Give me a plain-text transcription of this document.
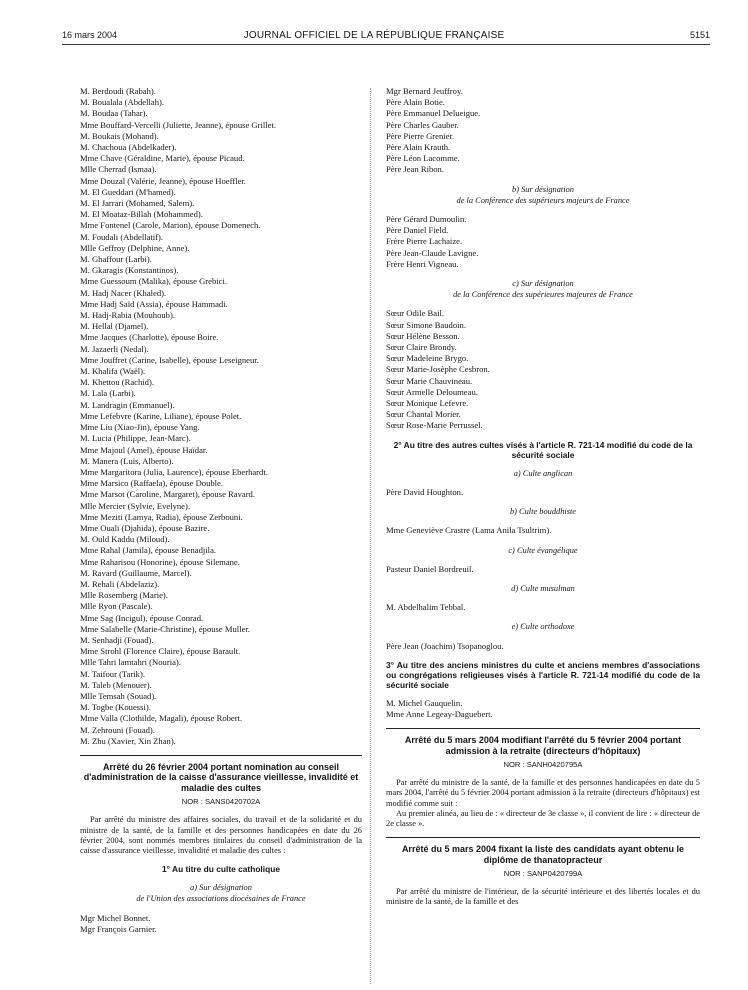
16 mars 2004	JOURNAL OFFICIEL DE LA RÉPUBLIQUE FRANÇAISE	5151
M. Berdoudi (Rabah).
M. Boualala (Abdellah).
M. Boudaa (Tahar).
Mme Bouffard-Vercelli (Juliette, Jeanne), épouse Grillet.
M. Boukais (Mohand).
M. Chachoua (Abdelkader).
Mme Chave (Géraldine, Marie), épouse Picaud.
Mlle Cherrad (Ismaa).
Mme Douzal (Valérie, Jeanne), épouse Hoeffler.
M. El Gueddari (M'hamed).
M. El Jarrari (Mohamed, Salem).
M. El Moataz-Billah (Mohammed).
Mme Fontenel (Carole, Marion), épouse Domenech.
M. Foudali (Abdellatif).
Mlle Geffroy (Delphine, Anne).
M. Ghaffour (Larbi).
M. Gkaragis (Konstantinos).
Mme Guessoum (Malika), épouse Grebici.
M. Hadj Nacer (Khaled).
Mme Hadj Saïd (Assia), épouse Hammadi.
M. Hadj-Rabia (Mouhoub).
M. Hellal (Djamel).
Mme Jacques (Charlotte), épouse Boire.
M. Jazaerli (Nedal).
Mme Jouffret (Carine, Isabelle), épouse Leseigneur.
M. Khalifa (Waël).
M. Khettou (Rachid).
M. Lala (Larbi).
M. Landragin (Emmanuel).
Mme Lefebvre (Karine, Liliane), épouse Polet.
Mme Liu (Xiao-Jin), épouse Yang.
M. Lucia (Philippe, Jean-Marc).
Mme Majoul (Amel), épouse Haïdar.
M. Manera (Luis, Alberto).
Mme Margaritora (Julia, Laurence), épouse Eberhardt.
Mme Marsico (Raffaela), épouse Double.
Mme Marsot (Caroline, Margaret), épouse Ravard.
Mlle Mercier (Sylvie, Evelyne).
Mme Meziti (Lamya, Radia), épouse Zerbouni.
Mme Ouali (Djahida), épouse Bazire.
M. Ould Kaddu (Miloud).
Mme Rahal (Jamila), épouse Benadjila.
Mme Raharisou (Honorine), épouse Silemane.
M. Ravard (Guillaume, Marcel).
M. Rehali (Abdelaziz).
Mlle Rosemberg (Marie).
Mlle Ryon (Pascale).
Mme Sag (Incigul), épouse Conrad.
Mme Salabelle (Marie-Christine), épouse Muller.
M. Senhadji (Fouad).
Mme Strohl (Florence Claire), épouse Barault.
Mlle Tahri lamtahri (Nouria).
M. Taifour (Tarik).
M. Taleb (Menouer).
Mlle Temsah (Souad).
M. Togbe (Kouessi).
Mme Valla (Clothilde, Magali), épouse Robert.
M. Zehrouni (Fouad).
M. Zhu (Xavier, Xin Zhan).
Arrêté du 26 février 2004 portant nomination au conseil d'administration de la caisse d'assurance vieillesse, invalidité et maladie des cultes
NOR : SANS0420702A

Par arrêté du ministre des affaires sociales, du travail et de la solidarité et du ministre de la santé, de la famille et des personnes handicapées en date du 26 février 2004, sont nommés membres titulaires du conseil d'administration de la caisse d'assurance vieillesse, invalidité et maladie des cultes :

1° Au titre du culte catholique

a) Sur désignation

de l'Union des associations diocésaines de France

Mgr Michel Bonnet.
Mgr François Garnier.
Mgr Bernard Jeuffroy.
Père Alain Botie.
Père Emmanuel Delueigue.
Père Charles Gauber.
Père Pierre Grenier.
Père Alain Krauth.
Père Léon Lacomme.
Père Jean Ribon.

b) Sur désignation

de la Conférence des supérieurs majeurs de France

Père Gérard Dumoulin.
Père Daniel Field.
Frère Pierre Lachaize.
Père Jean-Claude Lavigne.
Frère Henri Vigneau.

c) Sur désignation

de la Conférence des supérieures majeures de France

Sœur Odile Bail.
Sœur Simone Baudoin.
Sœur Hélène Besson.
Sœur Claire Brondy.
Sœur Madeleine Brygo.
Sœur Marie-Josèphe Cesbron.
Sœur Marie Chauvineau.
Sœur Armelle Deloumeau.
Sœur Monique Lefevre.
Sœur Chantal Morier.
Sœur Rose-Marie Perrussel.
2° Au titre des autres cultes visés à l'article R. 721-14 modifié du code de la sécurité sociale

a) Culte anglican

Père David Houghton.

b) Culte bouddhiste

Mme Geneviève Crastre (Lama Anila Tsultrim).

c) Culte évangélique

Pasteur Daniel Bordreuil.

d) Culte musulman

M. Abdelhalim Tebbal.

e) Culte orthodoxe

Père Jean (Joachim) Tsopanoglou.
3° Au titre des anciens ministres du culte et anciens membres d'associations ou congrégations religieuses visés à l'article R. 721-14 modifié du code de la sécurité sociale
M. Michel Gauquelin.
Mme Anne Legeay-Daguebert.
Arrêté du 5 mars 2004 modifiant l'arrêté du 5 février 2004 portant admission à la retraite (directeurs d'hôpitaux)
NOR : SANH0420795A

Par arrêté du ministre de la santé, de la famille et des personnes handicapées en date du 5 mars 2004, l'arrêté du 5 février 2004 portant admission à la retraite (directeurs d'hôpitaux) est modifié comme suit :

Au premier alinéa, au lieu de : « directeur de 3e classe », il convient de lire : « directeur de 2e classe ».

Arrêté du 5 mars 2004 fixant la liste des candidats ayant obtenu le diplôme de thanatopracteur
NOR : SANP0420799A

Par arrêté du ministre de l'intérieur, de la sécurité intérieure et des libertés locales et du ministre de la santé, de la famille et des
